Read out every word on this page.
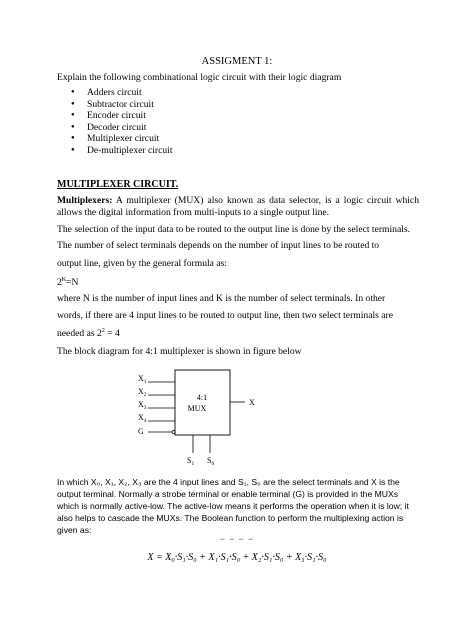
ASSIGMENT 1:
Explain the following combinational logic circuit with their logic diagram
● Adders circuit
● Subtractor circuit
● Encoder circuit
● Decoder circuit
● Multiplexer circuit
● De-multiplexer circuit
MULTIPLEXER CIRCUIT.
Multiplexers: A multiplexer (MUX) also known as data selector, is a logic circuit which allows the digital information from multi-inputs to a single output line.
The selection of the input data to be routed to the output line is done by the select terminals.
The number of select terminals depends on the number of input lines to be routed to
output line, given by the general formula as:
$2^K=N$
where N is the number of input lines and K is the number of select terminals. In other
words, if there are 4 input lines to be routed to output line, then two select terminals are
needed as $2^2 = 4$
The block diagram for 4:1 multiplexer is shown in figure below
4:1
MUX
$X_1$
$X_2$
$X_3$
$X_4$
G
X
$S_1$ $S_0$
In which X₀, X₁, X₂, X₃ are the 4 input lines and S₁, S₀ are the select terminals and X is the output terminal. Normally a strobe terminal or enable terminal (G) is provided in the MUXs which is normally active-low. The active-low means it performs the operation when it is low; it also helps to cascade the MUXs. The Boolean function to perform the multiplexing action is given as:
− − − −
X = X₀·S₁·S₀ + X₁·S₁·S₀ + X₂·S₁·S₀ + X₃·S₁·S₀
